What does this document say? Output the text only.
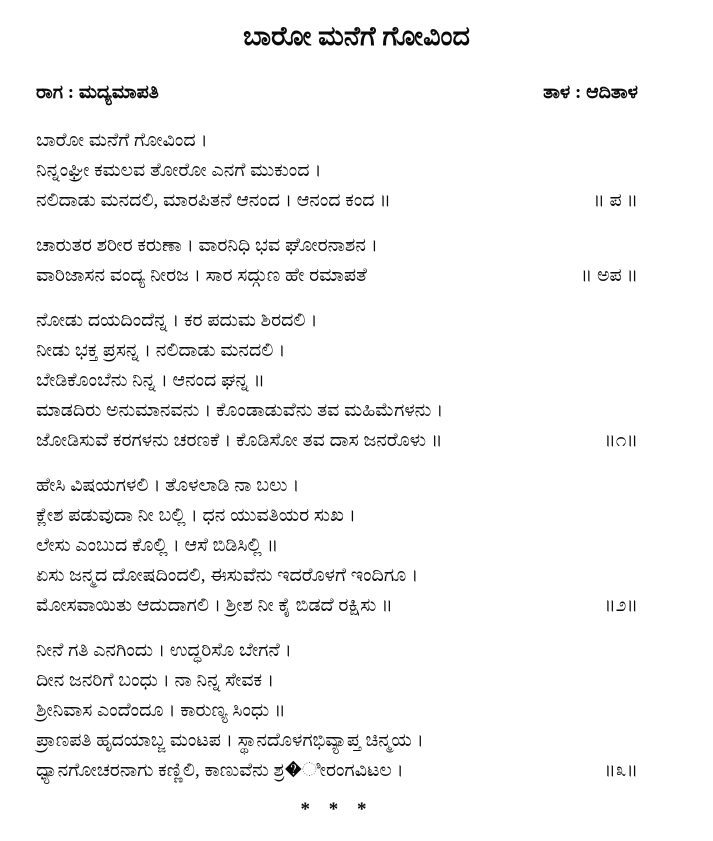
ಬಾರೋ ಮನೆಗೆ ಗೋವಿಂದ
ರಾಗ : ಮದ್ಯಮಾಪತಿ	ತಾಳ : ಆದಿತಾಳ
ಬಾರೋ ಮನೆಗೆ ಗೋವಿಂದ ।
ನಿನ್ನಂಘ್ರೀ ಕಮಲವ ತೋರೋ ಎನಗೆ ಮುಕುಂದ ।
ನಲಿದಾಡು ಮನದಲಿ, ಮಾರಪಿತನೆ ಆನಂದ । ಆನಂದ ಕಂದ ॥	॥ ಪ ॥
ಚಾರುತರ ಶರೀರ ಕರುಣಾ । ವಾರನಿಧಿ ಭವ ಘೋರನಾಶನ ।
ವಾರಿಜಾಸನ ವಂದ್ಯ ನೀರಜ । ಸಾರ ಸದ್ಗುಣ ಹೇ ರಮಾಪತೆ	॥ ಅಪ ॥
ನೋಡು ದಯದಿಂದೆನ್ನ । ಕರ ಪದುಮ ಶಿರದಲಿ ।
ನೀಡು ಭಕ್ತ ಪ್ರಸನ್ನ । ನಲಿದಾಡು ಮನದಲಿ ।
ಬೇಡಿಕೊಂಬೆನು ನಿನ್ನ । ಆನಂದ ಘನ್ನ ॥
ಮಾಡದಿರು ಅನುಮಾನವನು । ಕೊಂಡಾಡುವೆನು ತವ ಮಹಿಮೆಗಳನು ।
ಜೋಡಿಸುವೆ ಕರಗಳನು ಚರಣಕೆ । ಕೊಡಿಸೋ ತವ ದಾಸ ಜನರೊಳು ॥	॥೧॥
ಹೇಸಿ ವಿಷಯಗಳಲಿ । ತೊಳಲಾಡಿ ನಾ ಬಲು ।
ಕ್ಲೇಶ ಪಡುವುದಾ ನೀ ಬಲ್ಲಿ । ಧನ ಯುವತಿಯರ ಸುಖ ।
ಲೇಸು ಎಂಬುದ ಕೊಲ್ಲಿ । ಆಸೆ ಬಿಡಿಸಿಲ್ಲಿ ॥
ಏಸು ಜನ್ಮದ ದೋಷದಿಂದಲಿ, ಈಸುವೆನು ಇದರೊಳಗೆ ಇಂದಿಗೂ ।
ಮೋಸವಾಯಿತು ಆದುದಾಗಲಿ । ಶ್ರೀಶ ನೀ ಕೈ ಬಿಡದೆ ರಕ್ಷಿಸು ॥	॥೨॥
ನೀನೆ ಗತಿ ಎನಗಿಂದು । ಉದ್ಧರಿಸೊ ಬೇಗನೆ ।
ದೀನ ಜನರಿಗೆ ಬಂಧು । ನಾ ನಿನ್ನ ಸೇವಕ ।
ಶ್ರೀನಿವಾಸ ಎಂದೆಂದೂ । ಕಾರುಣ್ಯ ಸಿಂಧು ॥
ಪ್ರಾಣಪತಿ ಹೃದಯಾಬ್ಜ ಮಂಟಪ । ಸ್ಥಾನದೊಳಗಭಿವ್ಯಾಪ್ತ ಚಿನ್ಮಯ ।
ಧ್ಯಾನಗೋಚರನಾಗು ಕಣ್ಣಿಲಿ, ಕಾಣುವೆನು ಶ್ರ�ೀರಂಗವಿಟಲ ।	॥೩॥
* * *
